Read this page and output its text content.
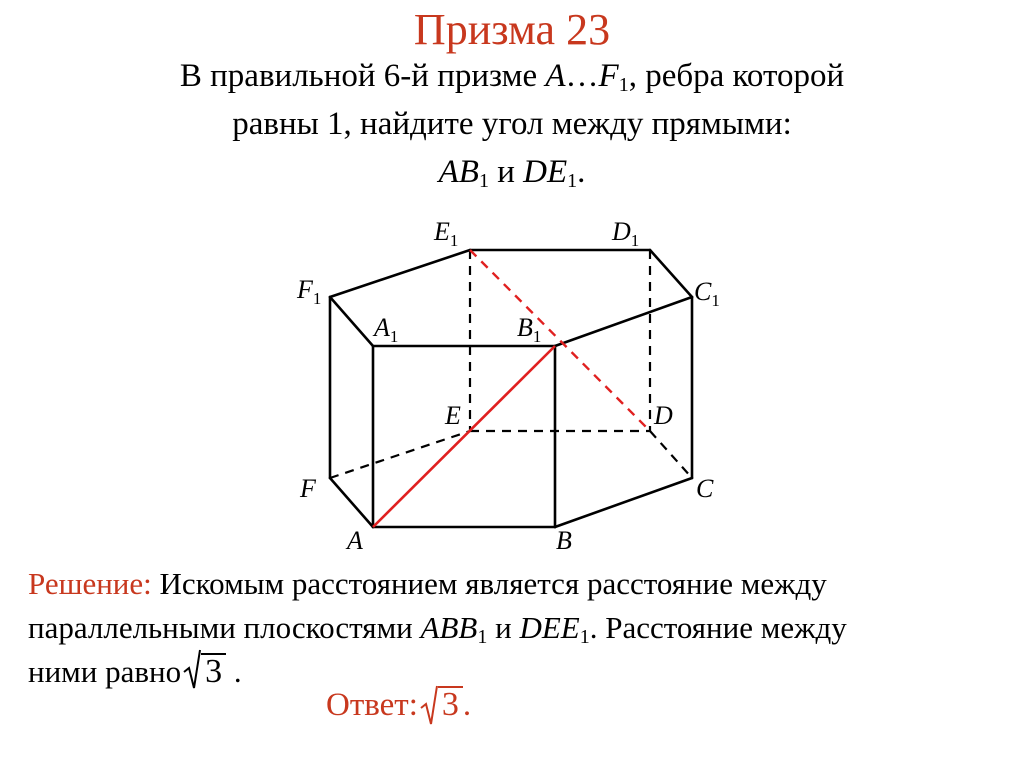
Призма 23
В правильной 6-й призме $A\dots F_1$, ребра которой
равны 1, найдите угол между прямыми:
$AB_1$ и $DE_1$.
$E_1$	$D_1$
$F_1$	$C_1$
$A_1$	$B_1$
E	D
F	C
A	B
Решение: Искомым расстоянием является расстояние между
параллельными плоскостями $ABB_1$ и $DEE_1$. Расстояние между
ними равно 3 .
Ответ: 3 .
